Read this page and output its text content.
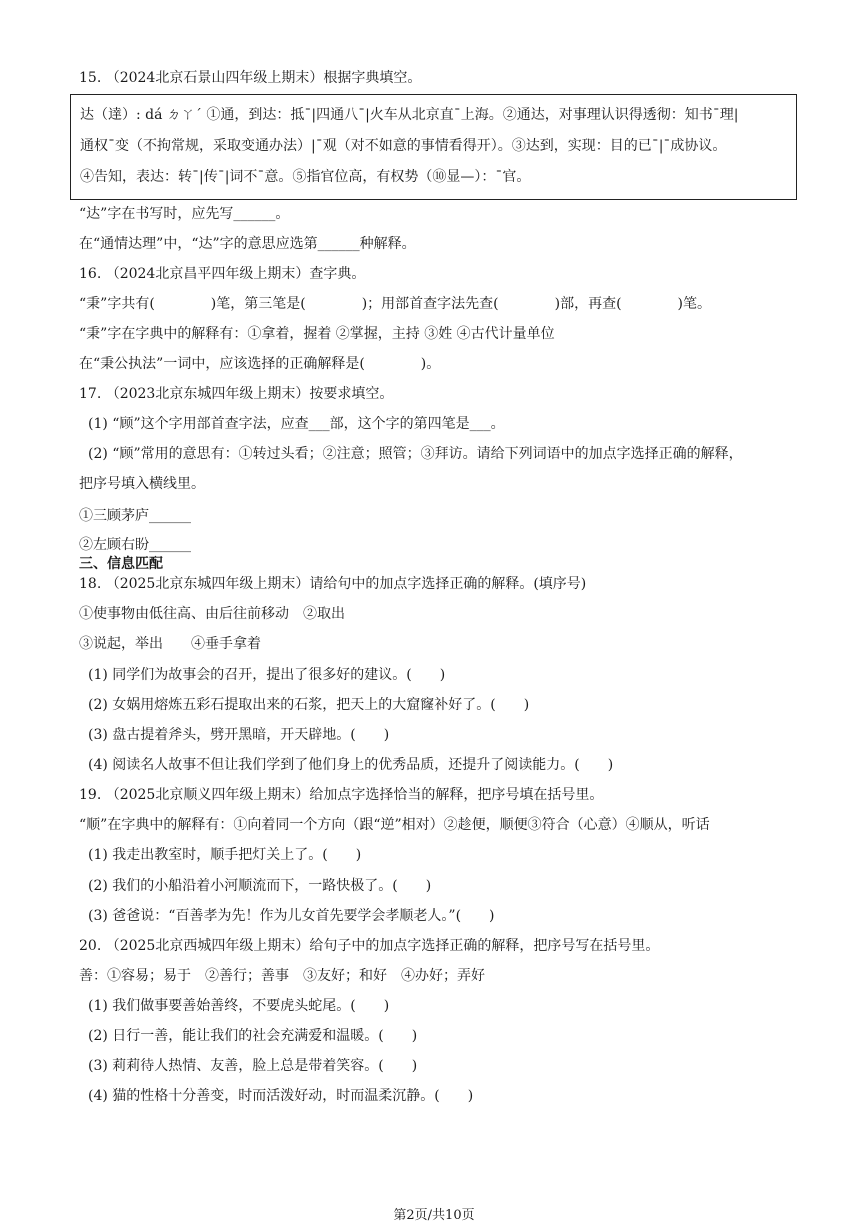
15. （2024北京石景山四年级上期末）根据字典填空。
达（達）: dá ㄉㄚˊ ①通，到达：抵ˉ|四通八ˉ|火车从北京直ˉ上海。②通达，对事理认识得透彻：知书ˉ理|
通权ˉ变（不拘常规，采取变通办法）|ˉ观（对不如意的事情看得开）。③达到，实现：目的已ˉ|ˉ成协议。
④告知，表达：转ˉ|传ˉ|词不ˉ意。⑤指官位高，有权势（⑩显—）：ˉ官。
“达”字在书写时，应先写______。
在“通情达理”中，“达”字的意思应选第______种解释。
16. （2024北京昌平四年级上期末）查字典。
“秉”字共有(　　　　)笔，第三笔是(　　　　)；用部首查字法先查(　　　　)部，再查(　　　　)笔。
“秉”字在字典中的解释有：①拿着，握着 ②掌握，主持 ③姓 ④古代计量单位
在“秉公执法”一词中，应该选择的正确解释是(　　　　)。
17. （2023北京东城四年级上期末）按要求填空。
(1) “顾”这个字用部首查字法，应查___部，这个字的第四笔是___。
(2) “顾”常用的意思有：①转过头看；②注意；照管；③拜访。请给下列词语中的加点字选择正确的解释，
把序号填入横线里。
①三顾茅庐______
②左顾右盼______
三、信息匹配
18. （2025北京东城四年级上期末）请给句中的加点字选择正确的解释。(填序号)
①使事物由低往高、由后往前移动　②取出
③说起，举出　　④垂手拿着
(1) 同学们为故事会的召开，提出了很多好的建议。(　　)
(2) 女娲用熔炼五彩石提取出来的石浆，把天上的大窟窿补好了。(　　)
(3) 盘古提着斧头，劈开黑暗，开天辟地。(　　)
(4) 阅读名人故事不但让我们学到了他们身上的优秀品质，还提升了阅读能力。(　　)
19. （2025北京顺义四年级上期末）给加点字选择恰当的解释，把序号填在括号里。
“顺”在字典中的解释有：①向着同一个方向（跟“逆”相对）②趁便，顺便③符合（心意）④顺从，听话
(1) 我走出教室时，顺手把灯关上了。(　　)
(2) 我们的小船沿着小河顺流而下，一路快极了。(　　)
(3) 爸爸说：“百善孝为先！作为儿女首先要学会孝顺老人。”(　　)
20. （2025北京西城四年级上期末）给句子中的加点字选择正确的解释，把序号写在括号里。
善：①容易；易于　②善行；善事　③友好；和好　④办好；弄好
(1) 我们做事要善始善终，不要虎头蛇尾。(　　)
(2) 日行一善，能让我们的社会充满爱和温暖。(　　)
(3) 莉莉待人热情、友善，脸上总是带着笑容。(　　)
(4) 猫的性格十分善变，时而活泼好动，时而温柔沉静。(　　)
第2页/共10页
